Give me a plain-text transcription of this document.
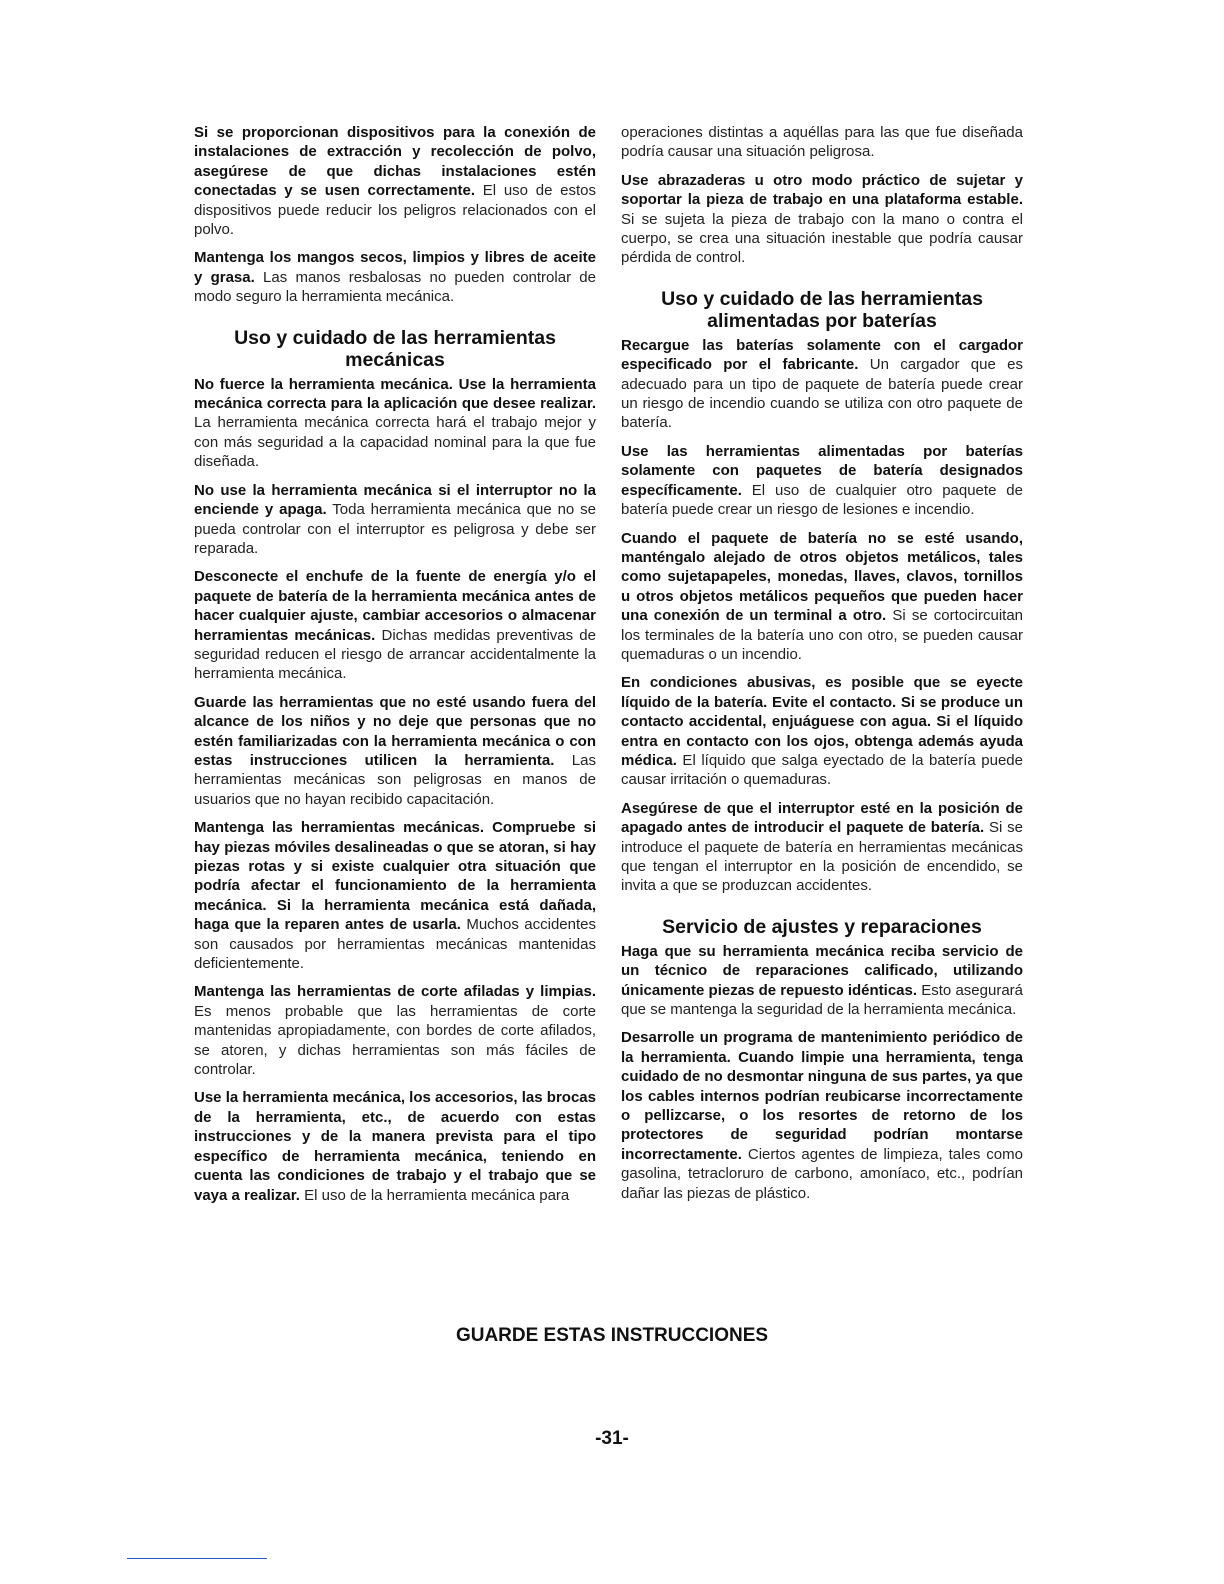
Si se proporcionan dispositivos para la conexión de instalaciones de extracción y recolección de polvo, asegúrese de que dichas instalaciones estén conectadas y se usen correctamente. El uso de estos dispositivos puede reducir los peligros relacionados con el polvo.

Mantenga los mangos secos, limpios y libres de aceite y grasa. Las manos resbalosas no pueden controlar de modo seguro la herramienta mecánica.

Uso y cuidado de las herramientas mecánicas

No fuerce la herramienta mecánica. Use la herramienta mecánica correcta para la aplicación que desee realizar. La herramienta mecánica correcta hará el trabajo mejor y con más seguridad a la capacidad nominal para la que fue diseñada.

No use la herramienta mecánica si el interruptor no la enciende y apaga. Toda herramienta mecánica que no se pueda controlar con el interruptor es peligrosa y debe ser reparada.

Desconecte el enchufe de la fuente de energía y/o el paquete de batería de la herramienta mecánica antes de hacer cualquier ajuste, cambiar accesorios o almacenar herramientas mecánicas. Dichas medidas preventivas de seguridad reducen el riesgo de arrancar accidentalmente la herramienta mecánica.

Guarde las herramientas que no esté usando fuera del alcance de los niños y no deje que personas que no estén familiarizadas con la herramienta mecánica o con estas instrucciones utilicen la herramienta. Las herramientas mecánicas son peligrosas en manos de usuarios que no hayan recibido capacitación.

Mantenga las herramientas mecánicas. Compruebe si hay piezas móviles desalineadas o que se atoran, si hay piezas rotas y si existe cualquier otra situación que podría afectar el funcionamiento de la herramienta mecánica. Si la herramienta mecánica está dañada, haga que la reparen antes de usarla. Muchos accidentes son causados por herramientas mecánicas mantenidas deficientemente.

Mantenga las herramientas de corte afiladas y limpias. Es menos probable que las herramientas de corte mantenidas apropiadamente, con bordes de corte afilados, se atoren, y dichas herramientas son más fáciles de controlar.

Use la herramienta mecánica, los accesorios, las brocas de la herramienta, etc., de acuerdo con estas instrucciones y de la manera prevista para el tipo específico de herramienta mecánica, teniendo en cuenta las condiciones de trabajo y el trabajo que se vaya a realizar. El uso de la herramienta mecánica para

operaciones distintas a aquéllas para las que fue diseñada podría causar una situación peligrosa.

Use abrazaderas u otro modo práctico de sujetar y soportar la pieza de trabajo en una plataforma estable. Si se sujeta la pieza de trabajo con la mano o contra el cuerpo, se crea una situación inestable que podría causar pérdida de control.

Uso y cuidado de las herramientas alimentadas por baterías

Recargue las baterías solamente con el cargador especificado por el fabricante. Un cargador que es adecuado para un tipo de paquete de batería puede crear un riesgo de incendio cuando se utiliza con otro paquete de batería.

Use las herramientas alimentadas por baterías solamente con paquetes de batería designados específicamente. El uso de cualquier otro paquete de batería puede crear un riesgo de lesiones e incendio.

Cuando el paquete de batería no se esté usando, manténgalo alejado de otros objetos metálicos, tales como sujetapapeles, monedas, llaves, clavos, tornillos u otros objetos metálicos pequeños que pueden hacer una conexión de un terminal a otro. Si se cortocircuitan los terminales de la batería uno con otro, se pueden causar quemaduras o un incendio.

En condiciones abusivas, es posible que se eyecte líquido de la batería. Evite el contacto. Si se produce un contacto accidental, enjuáguese con agua. Si el líquido entra en contacto con los ojos, obtenga además ayuda médica. El líquido que salga eyectado de la batería puede causar irritación o quemaduras.

Asegúrese de que el interruptor esté en la posición de apagado antes de introducir el paquete de batería. Si se introduce el paquete de batería en herramientas mecánicas que tengan el interruptor en la posición de encendido, se invita a que se produzcan accidentes.

Servicio de ajustes y reparaciones

Haga que su herramienta mecánica reciba servicio de un técnico de reparaciones calificado, utilizando únicamente piezas de repuesto idénticas. Esto asegurará que se mantenga la seguridad de la herramienta mecánica.

Desarrolle un programa de mantenimiento periódico de la herramienta. Cuando limpie una herramienta, tenga cuidado de no desmontar ninguna de sus partes, ya que los cables internos podrían reubicarse incorrectamente o pellizcarse, o los resortes de retorno de los protectores de seguridad podrían montarse incorrectamente. Ciertos agentes de limpieza, tales como gasolina, tetracloruro de carbono, amoníaco, etc., podrían dañar las piezas de plástico.

GUARDE ESTAS INSTRUCCIONES
-31-
